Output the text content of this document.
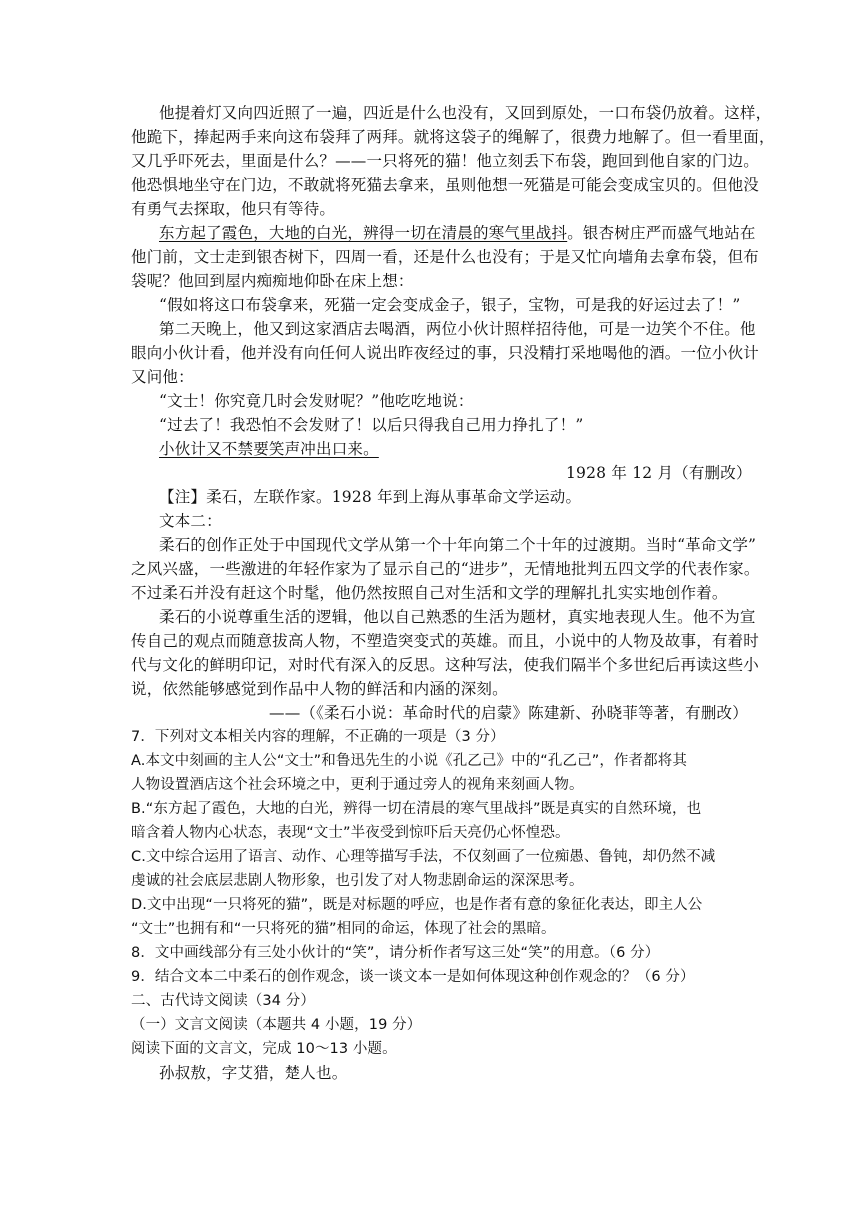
他提着灯又向四近照了一遍，四近是什么也没有，又回到原处，一口布袋仍放着。这样，
他跪下，捧起两手来向这布袋拜了两拜。就将这袋子的绳解了，很费力地解了。但一看里面，
又几乎吓死去，里面是什么？——一只将死的猫！他立刻丢下布袋，跑回到他自家的门边。
他恐惧地坐守在门边，不敢就将死猫去拿来，虽则他想一死猫是可能会变成宝贝的。但他没
有勇气去探取，他只有等待。
东方起了霞色，大地的白光，辨得一切在清晨的寒气里战抖。银杏树庄严而盛气地站在
他门前，文士走到银杏树下，四周一看，还是什么也没有；于是又忙向墙角去拿布袋，但布
袋呢？他回到屋内痴痴地仰卧在床上想：
“假如将这口布袋拿来，死猫一定会变成金子，银子，宝物，可是我的好运过去了！”
第二天晚上，他又到这家酒店去喝酒，两位小伙计照样招待他，可是一边笑个不住。他
眼向小伙计看，他并没有向任何人说出昨夜经过的事，只没精打采地喝他的酒。一位小伙计
又问他：
“文士！你究竟几时会发财呢？”他吃吃地说：
“过去了！我恐怕不会发财了！以后只得我自己用力挣扎了！”
小伙计又不禁要笑声冲出口来。
1928 年 12 月（有删改）
【注】柔石，左联作家。1928 年到上海从事革命文学运动。
文本二：
柔石的创作正处于中国现代文学从第一个十年向第二个十年的过渡期。当时“革命文学”
之风兴盛，一些激进的年轻作家为了显示自己的“进步”，无情地批判五四文学的代表作家。
不过柔石并没有赶这个时髦，他仍然按照自己对生活和文学的理解扎扎实实地创作着。
柔石的小说尊重生活的逻辑，他以自己熟悉的生活为题材，真实地表现人生。他不为宣
传自己的观点而随意拔高人物，不塑造突变式的英雄。而且，小说中的人物及故事，有着时
代与文化的鲜明印记，对时代有深入的反思。这种写法，使我们隔半个多世纪后再读这些小
说，依然能够感觉到作品中人物的鲜活和内涵的深刻。
——（《柔石小说：革命时代的启蒙》陈建新、孙晓菲等著，有删改）
7．下列对文本相关内容的理解，不正确的一项是（3 分）
A.本文中刻画的主人公“文士”和鲁迅先生的小说《孔乙己》中的“孔乙己”，作者都将其
人物设置酒店这个社会环境之中，更利于通过旁人的视角来刻画人物。
B.“东方起了霞色，大地的白光，辨得一切在清晨的寒气里战抖”既是真实的自然环境，也
暗含着人物内心状态，表现“文士”半夜受到惊吓后天亮仍心怀惶恐。
C.文中综合运用了语言、动作、心理等描写手法，不仅刻画了一位痴愚、鲁钝，却仍然不减
虔诚的社会底层悲剧人物形象，也引发了对人物悲剧命运的深深思考。
D.文中出现“一只将死的猫”，既是对标题的呼应，也是作者有意的象征化表达，即主人公
“文士”也拥有和“一只将死的猫”相同的命运，体现了社会的黑暗。
8．文中画线部分有三处小伙计的“笑”，请分析作者写这三处“笑”的用意。（6 分）
9．结合文本二中柔石的创作观念，谈一谈文本一是如何体现这种创作观念的？（6 分）
二、古代诗文阅读（34 分）
（一）文言文阅读（本题共 4 小题，19 分）
阅读下面的文言文，完成 10～13 小题。
孙叔敖，字艾猎，楚人也。
